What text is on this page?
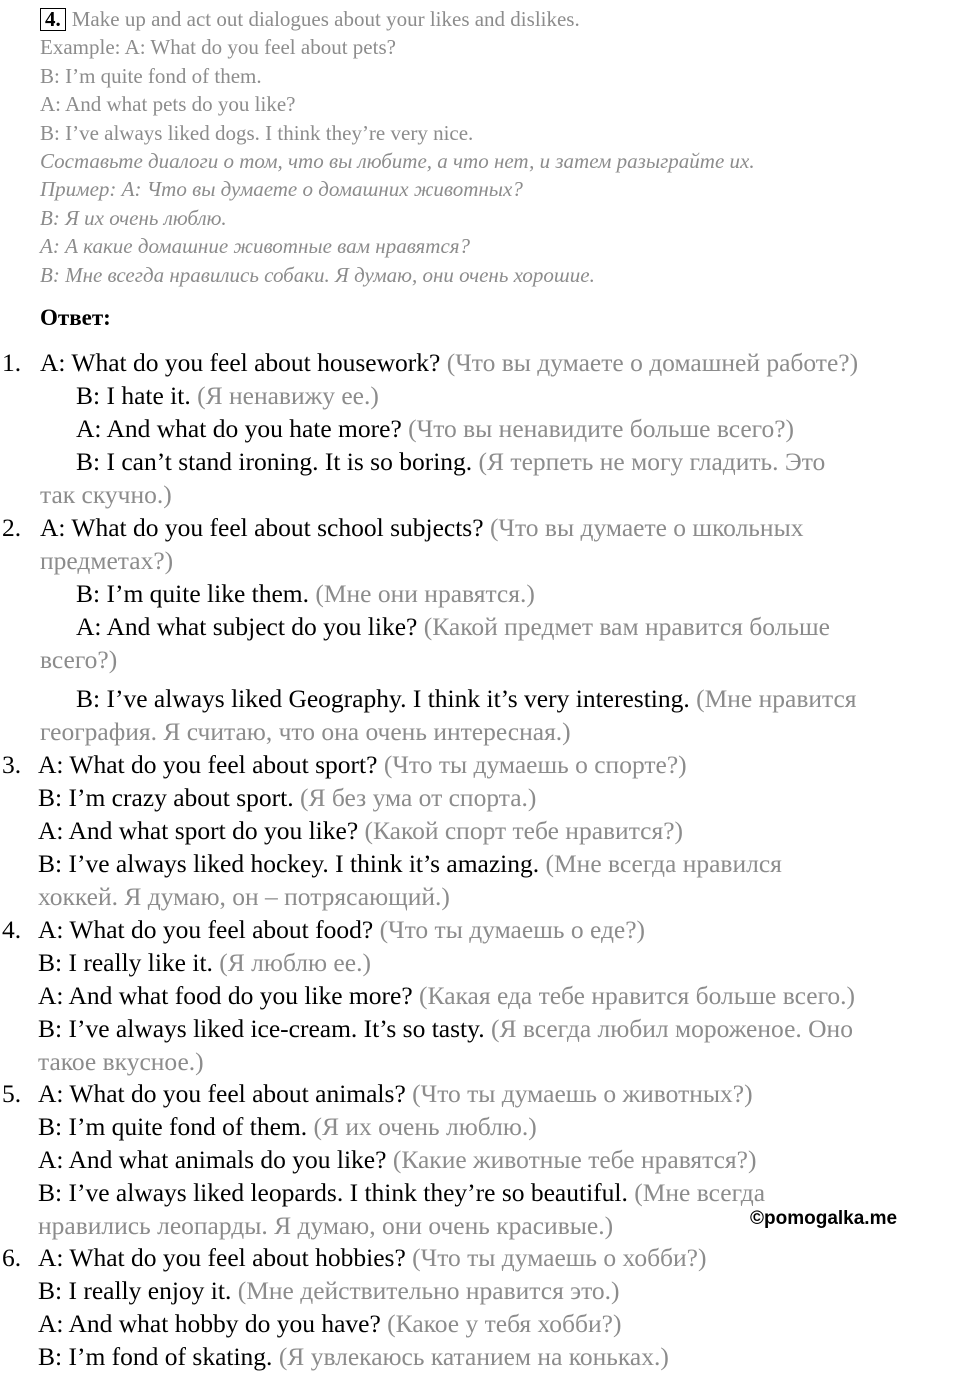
4. Make up and act out dialogues about your likes and dislikes.
Example: A: What do you feel about pets?
B: I’m quite fond of them.
A: And what pets do you like?
B: I’ve always liked dogs. I think they’re very nice.
Составьте диалоги о том, что вы любите, а что нет, и затем разыграйте их.
Пример: А: Что вы думаете о домашних животных?
В: Я их очень люблю.
А: А какие домашние животные вам нравятся?
В: Мне всегда нравились собаки. Я думаю, они очень хорошие.
Ответ:
1. A: What do you feel about housework? (Что вы думаете о домашней работе?)
B: I hate it. (Я ненавижу ее.)
A: And what do you hate more? (Что вы ненавидите больше всего?)
B: I can’t stand ironing. It is so boring. (Я терпеть не могу гладить. Это
так скучно.)
2. A: What do you feel about school subjects? (Что вы думаете о школьных
предметах?)
B: I’m quite like them. (Мне они нравятся.)
A: And what subject do you like? (Какой предмет вам нравится больше
всего?)
B: I’ve always liked Geography. I think it’s very interesting. (Мне нравится
география. Я считаю, что она очень интересная.)
3. A: What do you feel about sport? (Что ты думаешь о спорте?)
B: I’m crazy about sport. (Я без ума от спорта.)
A: And what sport do you like? (Какой спорт тебе нравится?)
B: I’ve always liked hockey. I think it’s amazing. (Мне всегда нравился
хоккей. Я думаю, он – потрясающий.)
4. A: What do you feel about food? (Что ты думаешь о еде?)
B: I really like it. (Я люблю ее.)
A: And what food do you like more? (Какая еда тебе нравится больше всего.)
B: I’ve always liked ice-cream. It’s so tasty. (Я всегда любил мороженое. Оно
такое вкусное.)
5. A: What do you feel about animals? (Что ты думаешь о животных?)
B: I’m quite fond of them. (Я их очень люблю.)
A: And what animals do you like? (Какие животные тебе нравятся?)
B: I’ve always liked leopards. I think they’re so beautiful. (Мне всегда
нравились леопарды. Я думаю, они очень красивые.)
6. A: What do you feel about hobbies? (Что ты думаешь о хобби?)
B: I really enjoy it. (Мне действительно нравится это.)
A: And what hobby do you have? (Какое у тебя хобби?)
B: I’m fond of skating. (Я увлекаюсь катанием на коньках.)
©pomogalka.me
